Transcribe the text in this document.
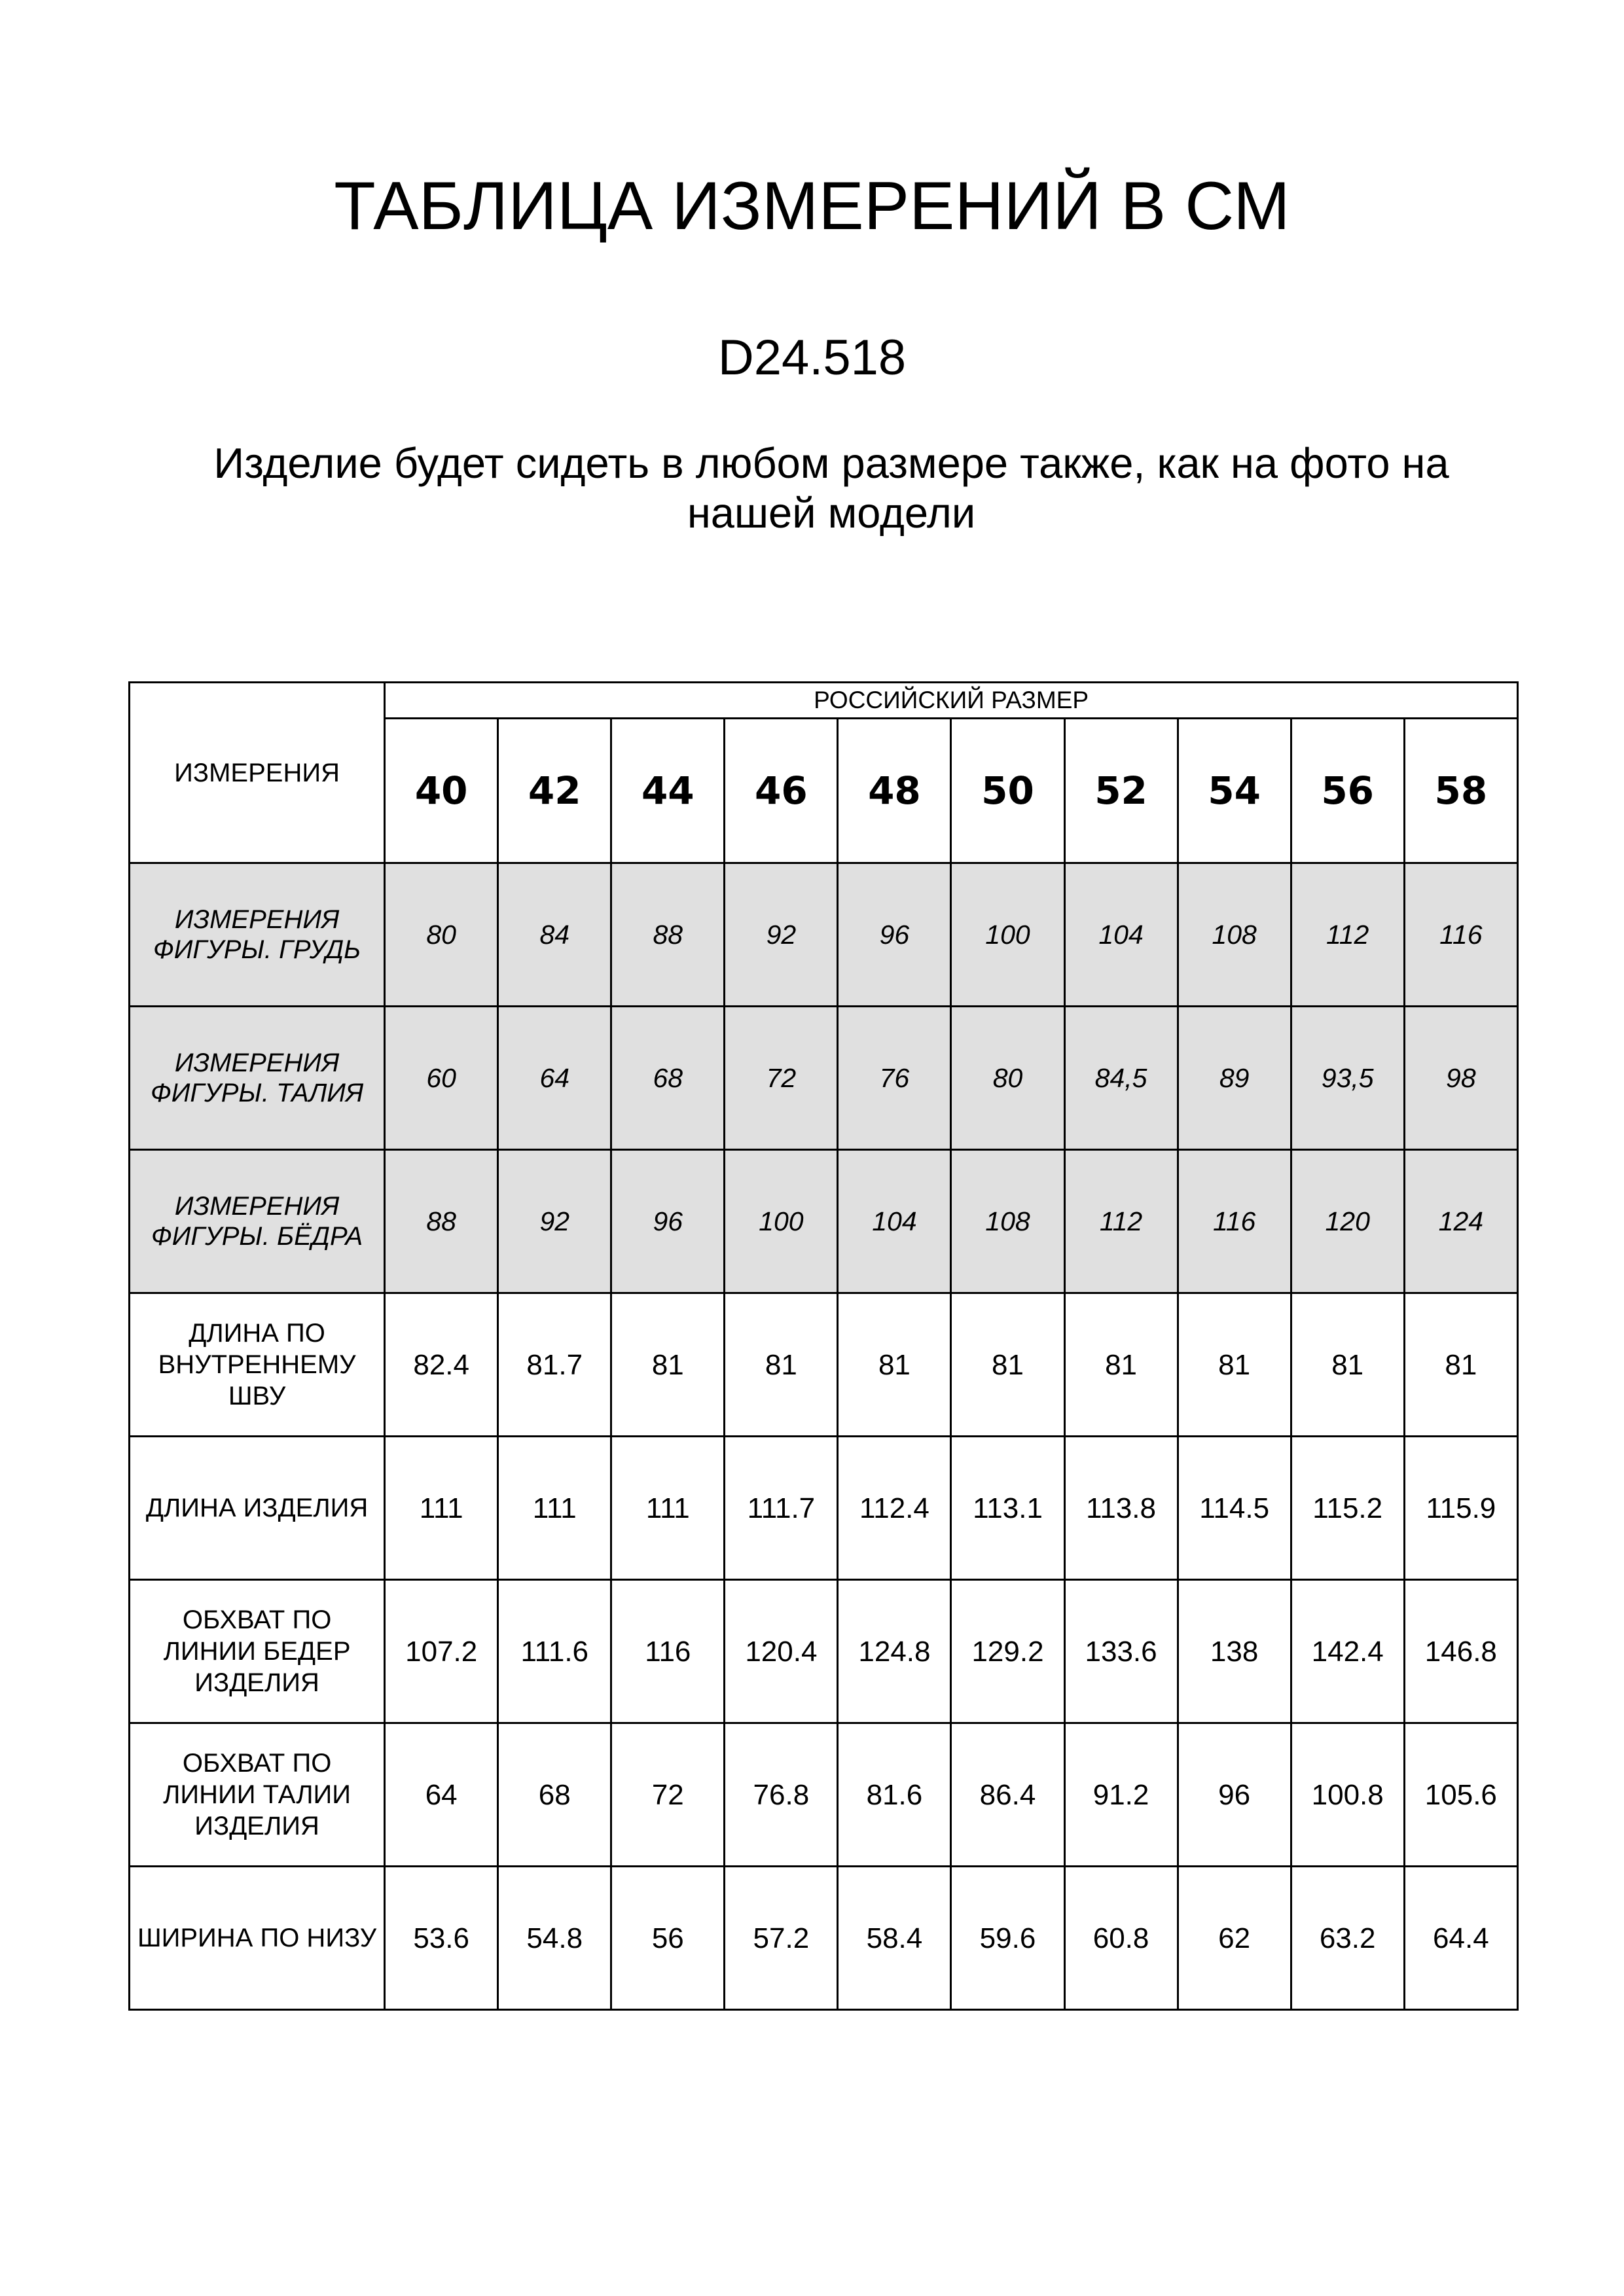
ТАБЛИЦА ИЗМЕРЕНИЙ В СМ
D24.518
Изделие будет сидеть в любом размере также, как на фото на нашей модели
ИЗМЕРЕНИЯ	РОССИЙСКИЙ РАЗМЕР									
	40	42	44	46	48	50	52	54	56	58
ИЗМЕРЕНИЯ ФИГУРЫ. ГРУДЬ	80	84	88	92	96	100	104	108	112	116
ИЗМЕРЕНИЯ ФИГУРЫ. ТАЛИЯ	60	64	68	72	76	80	84,5	89	93,5	98
ИЗМЕРЕНИЯ ФИГУРЫ. БЁДРА	88	92	96	100	104	108	112	116	120	124
ДЛИНА ПО ВНУТРЕННЕМУ ШВУ	82.4	81.7	81	81	81	81	81	81	81	81
ДЛИНА ИЗДЕЛИЯ	111	111	111	111.7	112.4	113.1	113.8	114.5	115.2	115.9
ОБХВАТ ПО ЛИНИИ БЕДЕР ИЗДЕЛИЯ	107.2	111.6	116	120.4	124.8	129.2	133.6	138	142.4	146.8
ОБХВАТ ПО ЛИНИИ ТАЛИИ ИЗДЕЛИЯ	64	68	72	76.8	81.6	86.4	91.2	96	100.8	105.6
ШИРИНА ПО НИЗУ	53.6	54.8	56	57.2	58.4	59.6	60.8	62	63.2	64.4
